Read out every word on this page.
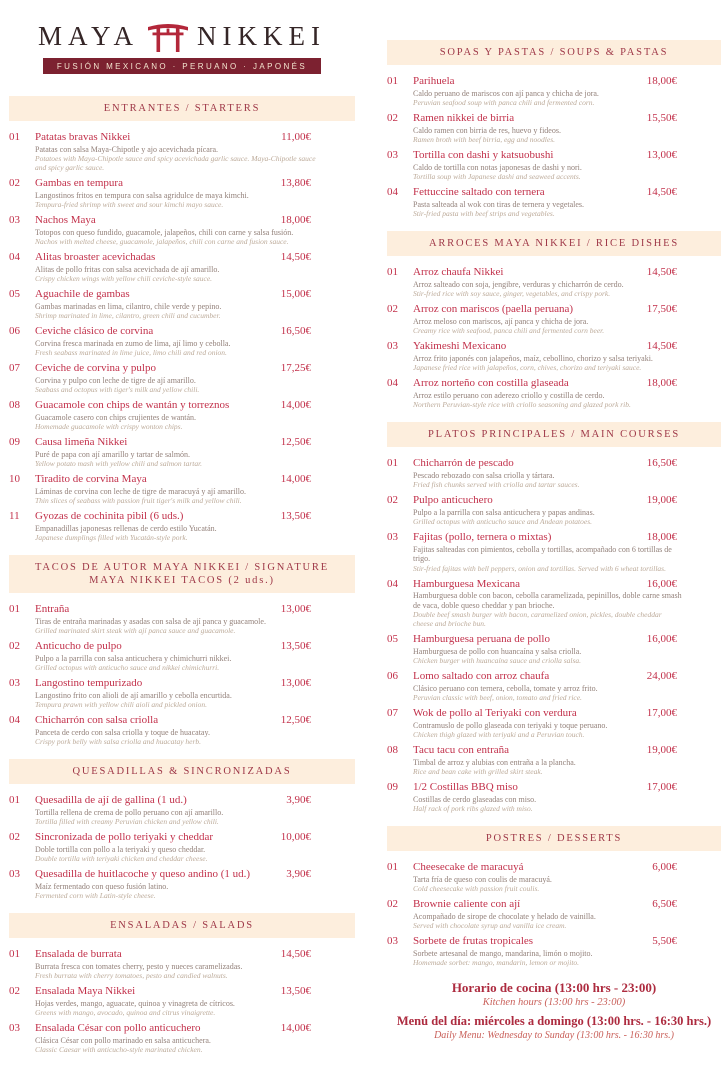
MAYA NIKKEI
FUSIÓN MEXICANO · PERUANO · JAPONÉS
ENTRANTES / STARTERS
01	Patatas bravas Nikkei	11,00€
Patatas con salsa Maya-Chipotle y ajo acevichada pícara.
Potatoes with Maya-Chipotle sauce and spicy acevichada garlic sauce. Maya-Chipotle sauce and spicy garlic sauce.
02	Gambas en tempura	13,80€
Langostinos fritos en tempura con salsa agridulce de maya kimchi.
Tempura-fried shrimp with sweet and sour kimchi mayo sauce.
03	Nachos Maya	18,00€
Totopos con queso fundido, guacamole, jalapeños, chili con carne y salsa fusión.
Nachos with melted cheese, guacamole, jalapeños, chili con carne and fusion sauce.
04	Alitas broaster acevichadas	14,50€
Alitas de pollo fritas con salsa acevichada de ají amarillo.
Crispy chicken wings with yellow chili ceviche-style sauce.
05	Aguachile de gambas	15,00€
Gambas marinadas en lima, cilantro, chile verde y pepino.
Shrimp marinated in lime, cilantro, green chili and cucumber.
06	Ceviche clásico de corvina	16,50€
Corvina fresca marinada en zumo de lima, ají limo y cebolla.
Fresh seabass marinated in lime juice, limo chili and red onion.
07	Ceviche de corvina y pulpo	17,25€
Corvina y pulpo con leche de tigre de ají amarillo.
Seabass and octopus with tiger's milk and yellow chili.
08	Guacamole con chips de wantán y torreznos	14,00€
Guacamole casero con chips crujientes de wantán.
Homemade guacamole with crispy wonton chips.
09	Causa limeña Nikkei	12,50€
Puré de papa con ají amarillo y tartar de salmón.
Yellow potato mash with yellow chili and salmon tartar.
10	Tiradito de corvina Maya	14,00€
Láminas de corvina con leche de tigre de maracuyá y ají amarillo.
Thin slices of seabass with passion fruit tiger's milk and yellow chili.
11	Gyozas de cochinita pibil (6 uds.)	13,50€
Empanadillas japonesas rellenas de cerdo estilo Yucatán.
Japanese dumplings filled with Yucatán-style pork.
TACOS DE AUTOR MAYA NIKKEI / SIGNATURE MAYA NIKKEI TACOS (2 uds.)
01	Entraña	13,00€
Tiras de entraña marinadas y asadas con salsa de ají panca y guacamole.
Grilled marinated skirt steak with ají panca sauce and guacamole.
02	Anticucho de pulpo	13,50€
Pulpo a la parrilla con salsa anticuchera y chimichurri nikkei.
Grilled octopus with anticucho sauce and nikkei chimichurri.
03	Langostino tempurizado	13,00€
Langostino frito con alioli de ají amarillo y cebolla encurtida.
Tempura prawn with yellow chili aioli and pickled onion.
04	Chicharrón con salsa criolla	12,50€
Panceta de cerdo con salsa criolla y toque de huacatay.
Crispy pork belly with salsa criolla and huacatay herb.
QUESADILLAS & SINCRONIZADAS
01	Quesadilla de ají de gallina (1 ud.)	3,90€
Tortilla rellena de crema de pollo peruano con ají amarillo.
Tortilla filled with creamy Peruvian chicken and yellow chili.
02	Sincronizada de pollo teriyaki y cheddar	10,00€
Doble tortilla con pollo a la teriyaki y queso cheddar.
Double tortilla with teriyaki chicken and cheddar cheese.
03	Quesadilla de huitlacoche y queso andino (1 ud.)	3,90€
Maíz fermentado con queso fusión latino.
Fermented corn with Latin-style cheese.
ENSALADAS / SALADS
01	Ensalada de burrata	14,50€
Burrata fresca con tomates cherry, pesto y nueces caramelizadas.
Fresh burrata with cherry tomatoes, pesto and candied walnuts.
02	Ensalada Maya Nikkei	13,50€
Hojas verdes, mango, aguacate, quinoa y vinagreta de cítricos.
Greens with mango, avocado, quinoa and citrus vinaigrette.
03	Ensalada César con pollo anticuchero	14,00€
Clásica César con pollo marinado en salsa anticuchera.
Classic Caesar with anticucho-style marinated chicken.
SOPAS Y PASTAS / SOUPS & PASTAS
01	Parihuela	18,00€
Caldo peruano de mariscos con ají panca y chicha de jora.
Peruvian seafood soup with panca chili and fermented corn.
02	Ramen nikkei de birria	15,50€
Caldo ramen con birria de res, huevo y fideos.
Ramen broth with beef birria, egg and noodles.
03	Tortilla con dashi y katsuobushi	13,00€
Caldo de tortilla con notas japonesas de dashi y nori.
Tortilla soup with Japanese dashi and seaweed accents.
04	Fettuccine saltado con ternera	14,50€
Pasta salteada al wok con tiras de ternera y vegetales.
Stir-fried pasta with beef strips and vegetables.
ARROCES MAYA NIKKEI / RICE DISHES
01	Arroz chaufa Nikkei	14,50€
Arroz salteado con soja, jengibre, verduras y chicharrón de cerdo.
Stir-fried rice with soy sauce, ginger, vegetables, and crispy pork.
02	Arroz con mariscos (paella peruana)	17,50€
Arroz meloso con mariscos, ají panca y chicha de jora.
Creamy rice with seafood, panca chili and fermented corn beer.
03	Yakimeshi Mexicano	14,50€
Arroz frito japonés con jalapeños, maíz, cebollino, chorizo y salsa teriyaki.
Japanese fried rice with jalapeños, corn, chives, chorizo and teriyaki sauce.
04	Arroz norteño con costilla glaseada	18,00€
Arroz estilo peruano con aderezo criollo y costilla de cerdo.
Northern Peruvian-style rice with criollo seasoning and glazed pork rib.
PLATOS PRINCIPALES / MAIN COURSES
01	Chicharrón de pescado	16,50€
Pescado rebozado con salsa criolla y tártara.
Fried fish chunks served with criolla and tartar sauces.
02	Pulpo anticuchero	19,00€
Pulpo a la parrilla con salsa anticuchera y papas andinas.
Grilled octopus with anticucho sauce and Andean potatoes.
03	Fajitas (pollo, ternera o mixtas)	18,00€
Fajitas salteadas con pimientos, cebolla y tortillas, acompañado con 6 tortillas de trigo.
Stir-fried fajitas with bell peppers, onion and tortillas. Served with 6 wheat tortillas.
04	Hamburguesa Mexicana	16,00€
Hamburguesa doble con bacon, cebolla caramelizada, pepinillos, doble carne smash de vaca, doble queso cheddar y pan brioche.
Double beef smash burger with bacon, caramelized onion, pickles, double cheddar cheese and brioche bun.
05	Hamburguesa peruana de pollo	16,00€
Hamburguesa de pollo con huancaína y salsa criolla.
Chicken burger with huancaína sauce and criolla salsa.
06	Lomo saltado con arroz chaufa	24,00€
Clásico peruano con ternera, cebolla, tomate y arroz frito.
Peruvian classic with beef, onion, tomato and fried rice.
07	Wok de pollo al Teriyaki con verdura	17,00€
Contramuslo de pollo glaseada con teriyaki y toque peruano.
Chicken thigh glazed with teriyaki and a Peruvian touch.
08	Tacu tacu con entraña	19,00€
Timbal de arroz y alubias con entraña a la plancha.
Rice and bean cake with grilled skirt steak.
09	1/2 Costillas BBQ miso	17,00€
Costillas de cerdo glaseadas con miso.
Half rack of pork ribs glazed with miso.
POSTRES / DESSERTS
01	Cheesecake de maracuyá	6,00€
Tarta fría de queso con coulis de maracuyá.
Cold cheesecake with passion fruit coulis.
02	Brownie caliente con ají	6,50€
Acompañado de sirope de chocolate y helado de vainilla.
Served with chocolate syrup and vanilla ice cream.
03	Sorbete de frutas tropicales	5,50€
Sorbete artesanal de mango, mandarina, limón o mojito.
Homemade sorbet: mango, mandarin, lemon or mojito.
Horario de cocina (13:00 hrs - 23:00)
Kitchen hours (13:00 hrs - 23:00)
Menú del día: miércoles a domingo (13:00 hrs. - 16:30 hrs.)
Daily Menu: Wednesday to Sunday (13:00 hrs. - 16:30 hrs.)
